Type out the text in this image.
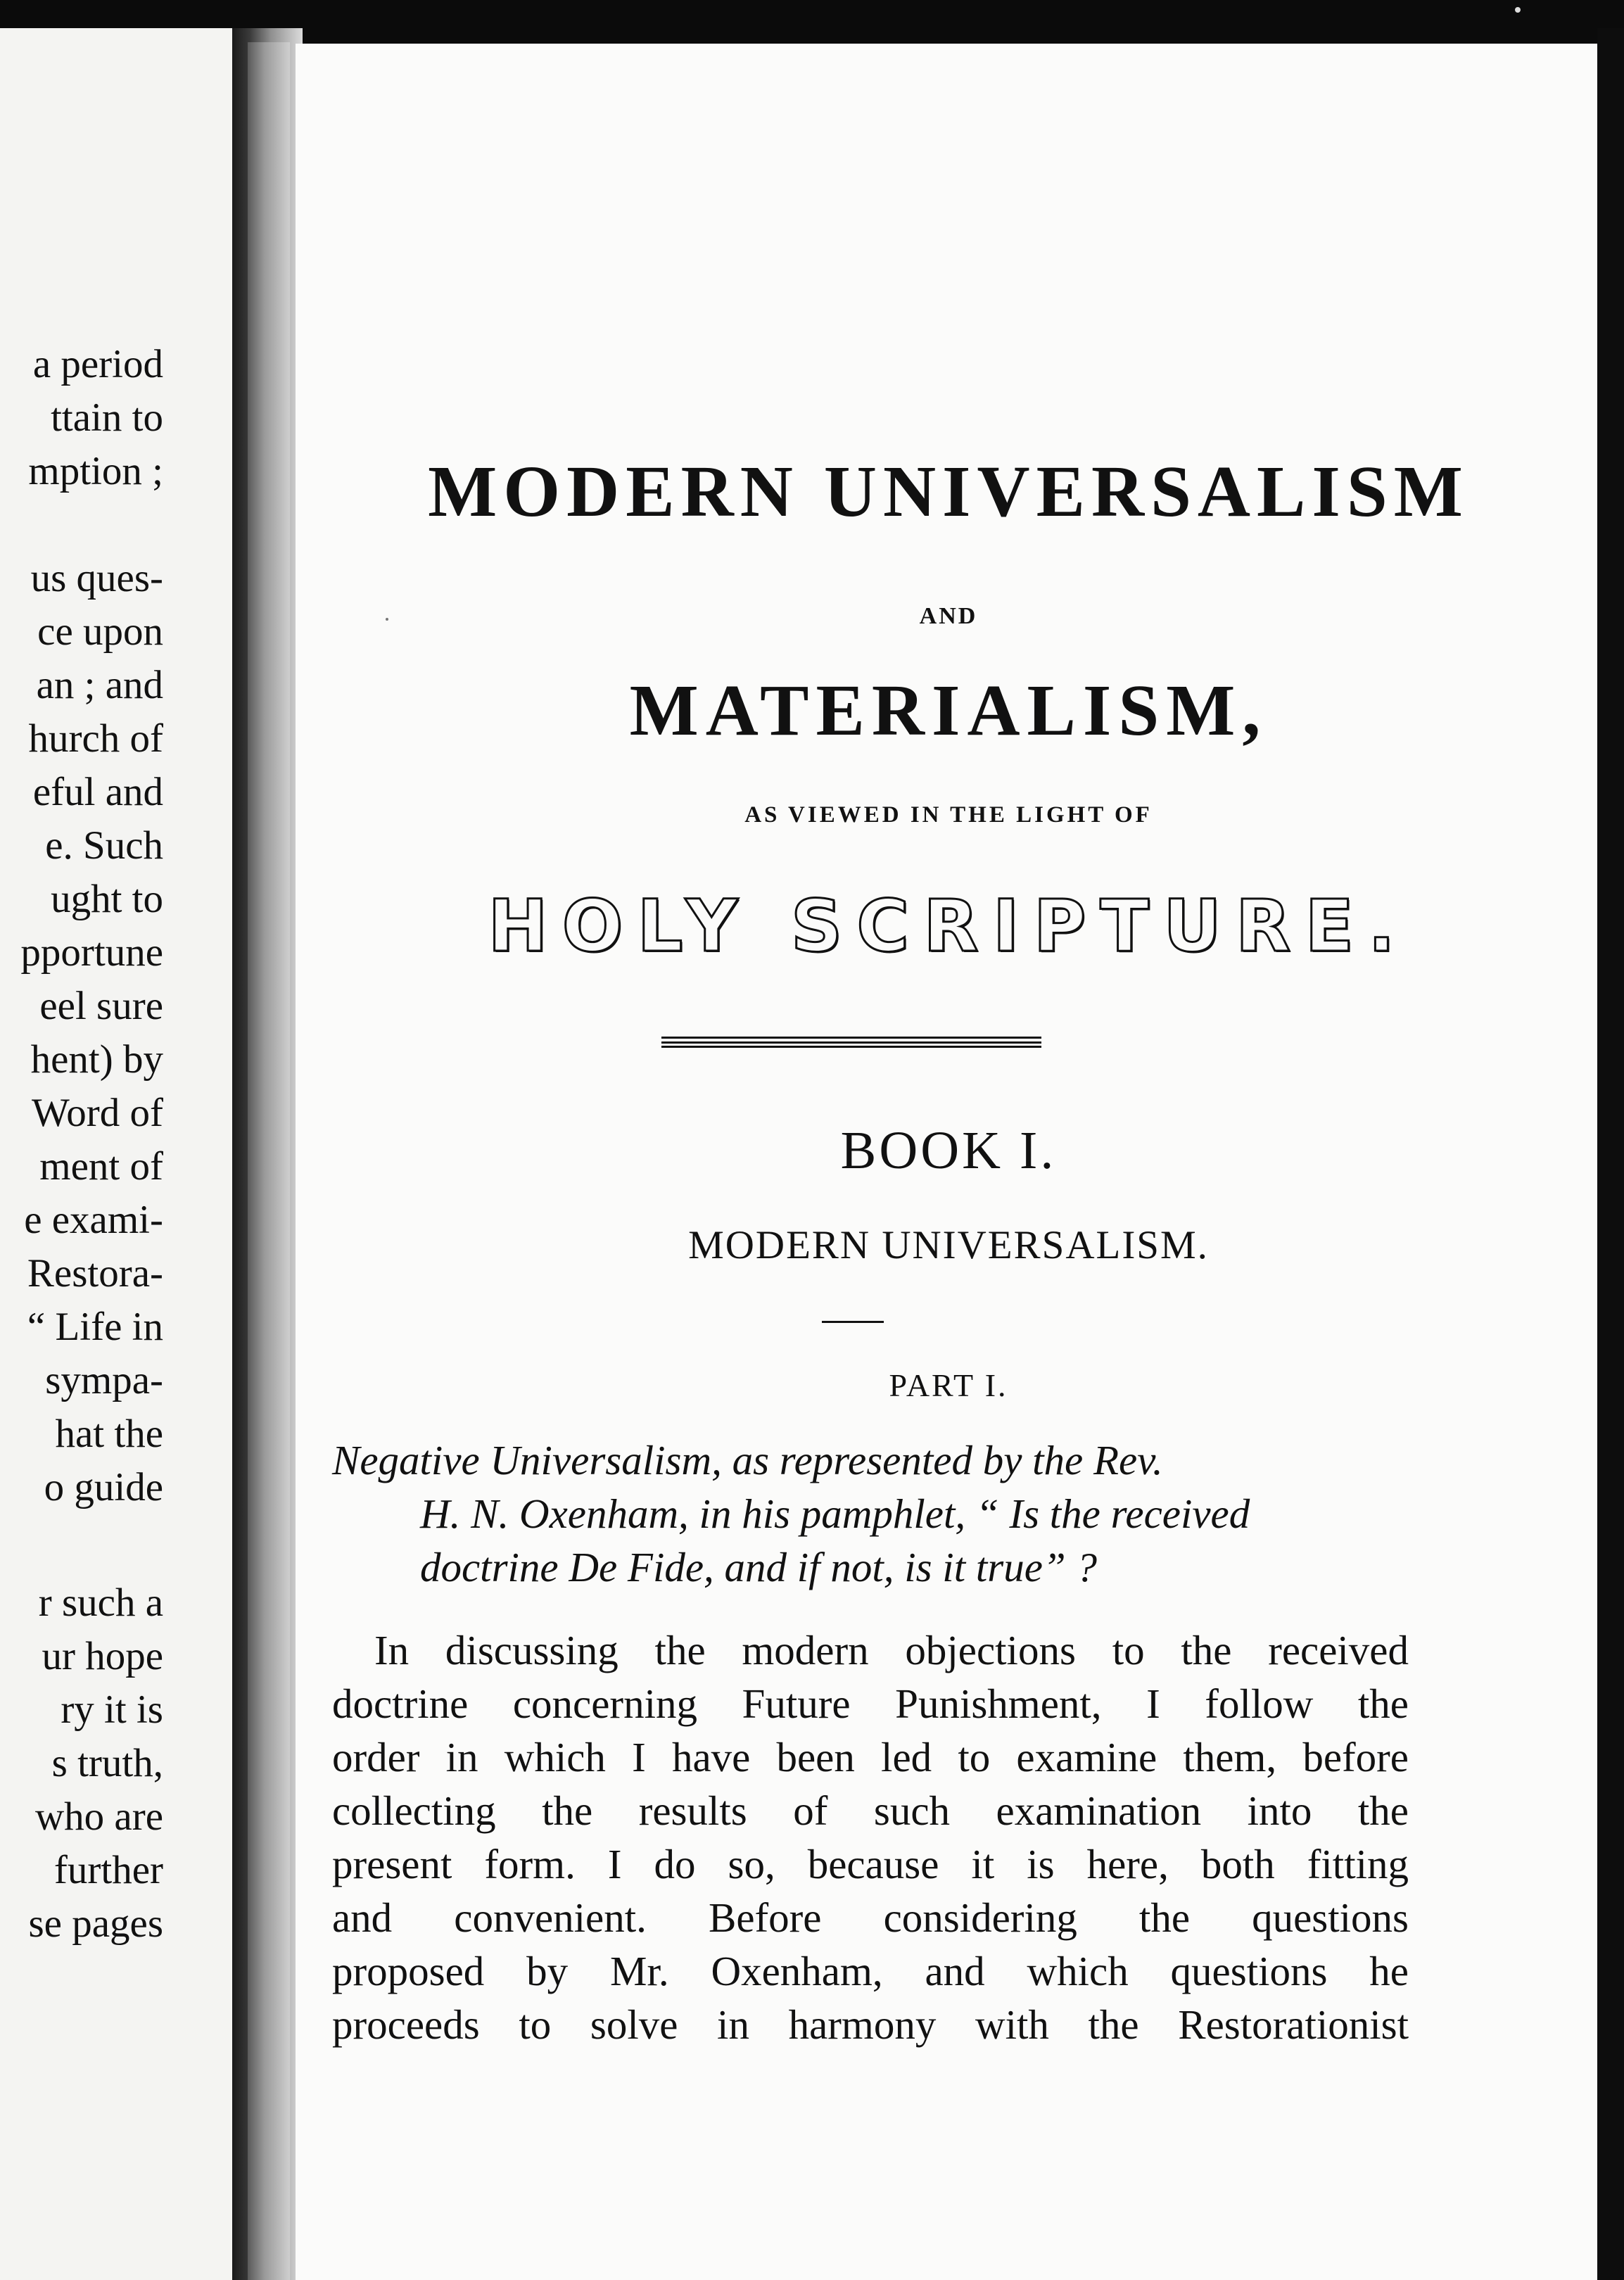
a period
ttain to
mption ;
us ques-
ce upon
an ; and
hurch of
eful and
e. Such
ught to
pportune
eel sure
hent) by
Word of
ment of
e exami-
Restora-
“ Life in
sympa-
hat the
o guide
r such a
ur hope
ry it is
s truth,
who are
further
se pages
MODERN UNIVERSALISM
AND
MATERIALISM,
AS VIEWED IN THE LIGHT OF
HOLY SCRIPTURE.
BOOK I.
MODERN UNIVERSALISM.
PART I.
Negative Universalism, as represented by the Rev.
H. N. Oxenham, in his pamphlet, “ Is the received
doctrine De Fide, and if not, is it true” ?
In discussing the modern objections to the received
doctrine concerning Future Punishment, I follow the
order in which I have been led to examine them, before
collecting the results of such examination into the
present form. I do so, because it is here, both fitting
and convenient. Before considering the questions
proposed by Mr. Oxenham, and which questions he
proceeds to solve in harmony with the Restorationist
